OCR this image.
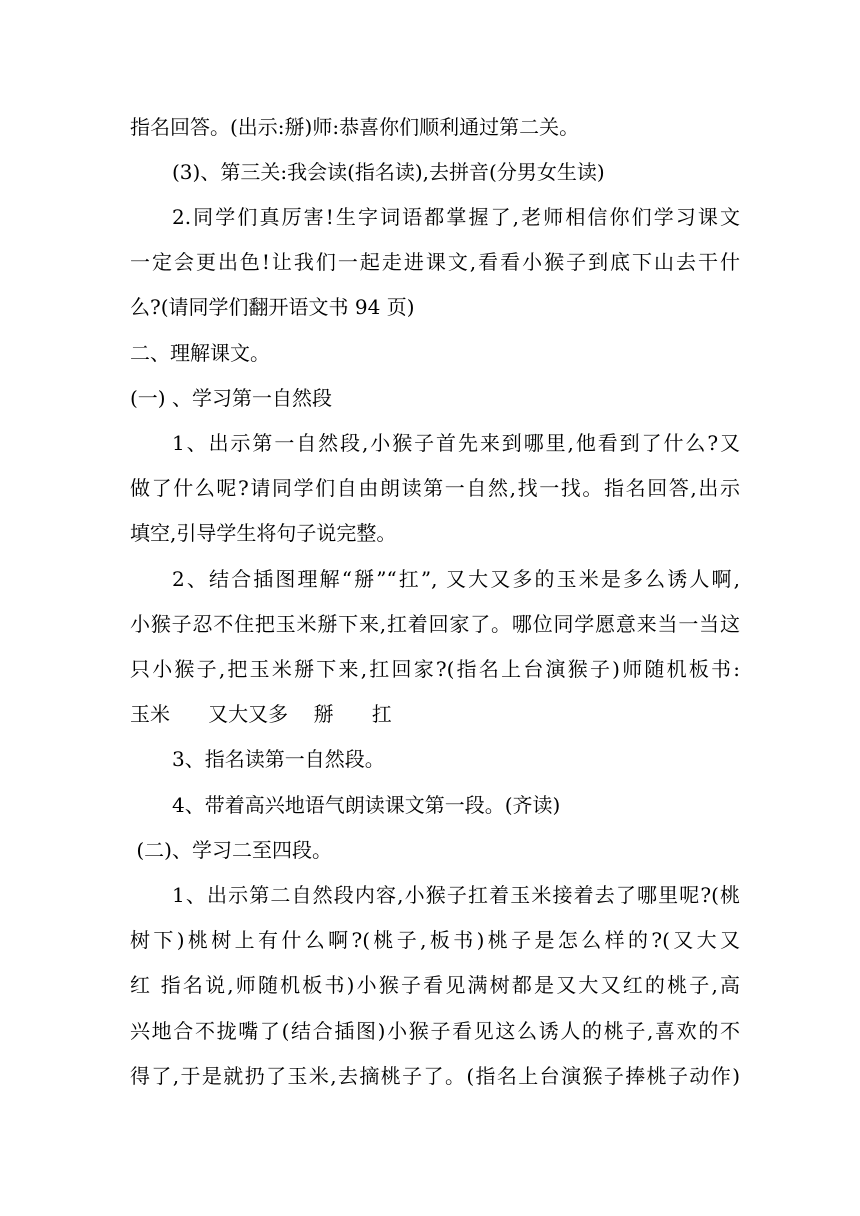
指名回答。(出示:掰)师:恭喜你们顺利通过第二关。
(3)、第三关:我会读(指名读),去拼音(分男女生读)
2.同学们真厉害!生字词语都掌握了,老师相信你们学习课文
一定会更出色!让我们一起走进课文,看看小猴子到底下山去干什
么?(请同学们翻开语文书 94 页)
二、理解课文。
(一) 、学习第一自然段
1、出示第一自然段,小猴子首先来到哪里,他看到了什么?又
做了什么呢?请同学们自由朗读第一自然,找一找。指名回答,出示
填空,引导学生将句子说完整。
2、结合插图理解“掰”“扛”, 又大又多的玉米是多么诱人啊,
小猴子忍不住把玉米掰下来,扛着回家了。哪位同学愿意来当一当这
只小猴子,把玉米掰下来,扛回家?(指名上台演猴子)师随机板书:
玉米      又大又多    掰      扛
3、指名读第一自然段。
4、带着高兴地语气朗读课文第一段。(齐读)
(二)、学习二至四段。
1、出示第二自然段内容,小猴子扛着玉米接着去了哪里呢?(桃
树下)桃树上有什么啊?(桃子,板书)桃子是怎么样的?(又大又
红 指名说,师随机板书)小猴子看见满树都是又大又红的桃子,高
兴地合不拢嘴了(结合插图)小猴子看见这么诱人的桃子,喜欢的不
得了,于是就扔了玉米,去摘桃子了。(指名上台演猴子捧桃子动作)
